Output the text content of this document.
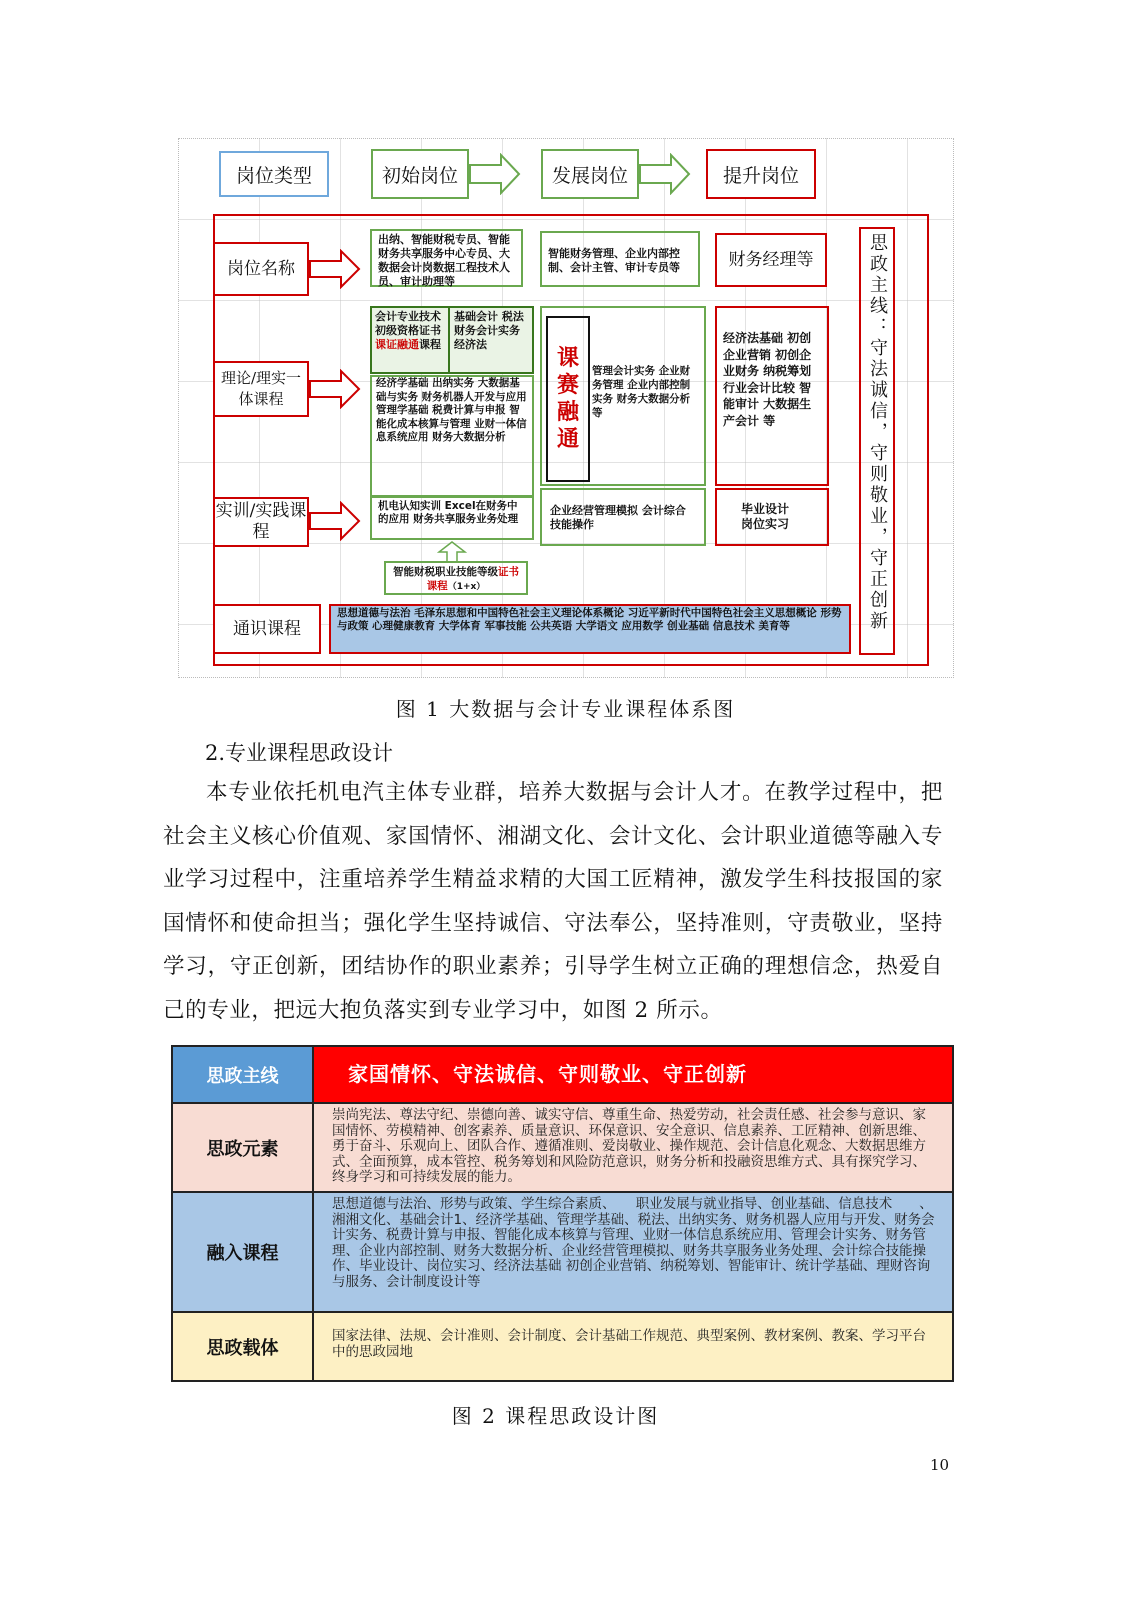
岗位类型	初始岗位	发展岗位	提升岗位
岗位名称
理论/理实一体课程
实训/实践课程
通识课程
出纳、智能财税专员、智能财务共享服务中心专员、大数据会计岗数据工程技术人员、审计助理等
智能财务管理、企业内部控制、会计主管、审计专员等	财务经理等
会计专业技术初级资格证书课证融通课程
基础会计 税法 财务会计实务 经济法
经济学基础 出纳实务 大数据基础与实务 财务机器人开发与应用 管理学基础 税费计算与申报 智能化成本核算与管理 业财一体信息系统应用 财务大数据分析
课赛融通
管理会计实务 企业财务管理 企业内部控制实务 财务大数据分析 等
经济法基础 初创企业营销 初创企业财务 纳税筹划 行业会计比较 智能审计 大数据生产会计 等
机电认知实训 Excel在财务中的应用 财务共享服务业务处理
企业经营管理模拟 会计综合技能操作
毕业设计 岗位实习
智能财税职业技能等级证书课程（1+x）
思想道德与法治 毛泽东思想和中国特色社会主义理论体系概论 习近平新时代中国特色社会主义思想概论 形势与政策 心理健康教育 大学体育 军事技能 公共英语 大学语文 应用数学 创业基础 信息技术 美育等	思政主线：守法诚信，守则敬业，守正创新
图 1 大数据与会计专业课程体系图
2.专业课程思政设计
本专业依托机电汽主体专业群，培养大数据与会计人才。在教学过程中，把社会主义核心价值观、家国情怀、湘湖文化、会计文化、会计职业道德等融入专业学习过程中，注重培养学生精益求精的大国工匠精神，激发学生科技报国的家国情怀和使命担当；强化学生坚持诚信、守法奉公，坚持准则，守责敬业，坚持学习，守正创新，团结协作的职业素养；引导学生树立正确的理想信念，热爱自己的专业，把远大抱负落实到专业学习中，如图 2 所示。
思政主线	家国情怀、守法诚信、守则敬业、守正创新
思政元素
崇尚宪法、尊法守纪、崇德向善、诚实守信、尊重生命、热爱劳动，社会责任感、社会参与意识、家国情怀、劳模精神、创客素养、质量意识、环保意识、安全意识、信息素养、工匠精神、创新思维、勇于奋斗、乐观向上、团队合作、遵循准则、爱岗敬业、操作规范、会计信息化观念、大数据思维方式、全面预算，成本管控、税务筹划和风险防范意识，财务分析和投融资思维方式、具有探究学习、终身学习和可持续发展的能力。
融入课程
思想道德与法治、形势与政策、学生综合素质、　　职业发展与就业指导、创业基础、信息技术　　、湘湘文化、基础会计1、经济学基础、管理学基础、税法、出纳实务、财务机器人应用与开发、财务会计实务、税费计算与申报、智能化成本核算与管理、业财一体信息系统应用、管理会计实务、财务管理、企业内部控制、财务大数据分析、企业经营管理模拟、财务共享服务业务处理、会计综合技能操作、毕业设计、岗位实习、经济法基础 初创企业营销、纳税筹划、智能审计、统计学基础、理财咨询与服务、会计制度设计等
思政载体
国家法律、法规、会计准则、会计制度、会计基础工作规范、典型案例、教材案例、教案、学习平台中的思政园地
图 2 课程思政设计图
10
